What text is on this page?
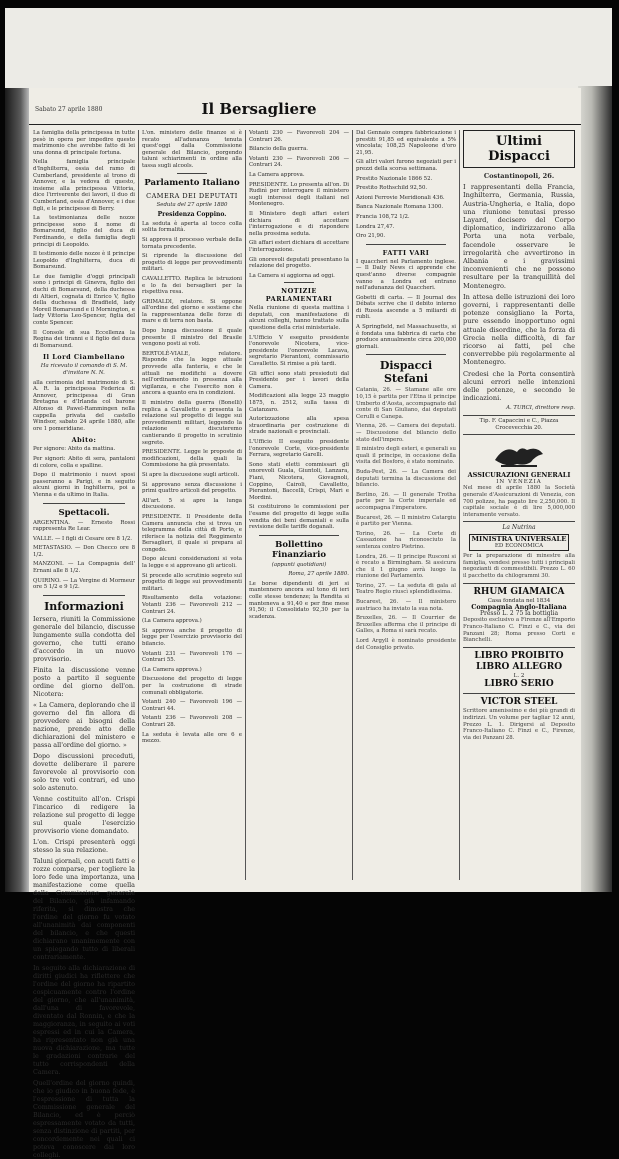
Sabato 27 aprile 1880	Il Bersagliere

La famiglia della principessa in tutte pesò in opera per impedire questo matrimonio che avrebbe fatto di lei una donna di principale fortuna.

Nella famiglia principale d'Inghilterra, ossia del ramo di Cumberland, presidente al trono di Annover, e la vedova di questo, insieme alla principessa Vittoria, dice l'irriverente dei lavori, il duo di Cumberland, ossia d'Annover, e i due figli, e le principesse di Berry.

La testimonianza delle nozze principesse sono il nome di Bomarsund, figlio del duca di Ferdinando, e della famiglia degli principi di Leopoldo.

Il testimonio delle nozze è il principe Leopoldo d'Inghilterra, duca di Bomarsund.

Le due famiglie d'oggi principali sono i principi di Ginevra, figlio dei duchi di Bomarsund, della duchessa di Altieri, cognata di Enrico V, figlio della duchessa di Bradfield, lady Moreil Bomarsund e il Mornington, e lady Vittoria Leo-Spencer, figlia del conte Spencer.

Il Console di sua Eccellenza la Regina dei tiranni e il figlio del duca di Bomarsund.

Il Lord Ciambellano

Ha ricevuto il comando di S. M. d'invitare N. N.

alla cerimonia del matrimonio di S. A. R. la principessa Federica di Annover, principessa di Gran Bretagna e d'Irlanda col barone Alfonso di Pawel-Rammingen nella cappella privata del castello Windsor, sabato 24 aprile 1880, alle ore 1 pomeridiane.

Abito:

Per signore: Abito da mattina.

Per signori: Abito di sera, pantaloni di colore, colla e spalline.

Dopo il matrimonio i nuovi sposi passeranno a Parigi, e in seguito alcuni giorni in Inghilterra, poi a Vienna e da ultimo in Italia.

Spettacoli.

ARGENTINA. — Ernesto Rossi rappresenta Re Lear.

VALLE. — I figli di Cesare ore 8 1/2.

METASTASIO. — Don Checco ore 8 1/2.

MANZONI. — La Compagnia dell' Ernani alle 8 1/2.

QUIRINO. — La Vergine di Mormeur ore 5 1/2 e 9 1/2.

Informazioni

Iersera, riuniti la Commissione generale del bilancio, discusse lungamente sulla condotta del governo, che tutti erano d'accordo in un nuovo provvisorio.

Finita la discussione venne posto a partito il seguente ordine del giorno dell'on. Nicotera:

« La Camera, deplorando che il governo del fin allora di provvedere ai bisogni della nazione, prende atto delle dichiarazioni del ministero e passa all'ordine del giorno. »

Dopo discussioni preceduti, dovette deliberare il parere favorevole al provvisorio con solo tre voti contrari, ed uno solo astenuto.

Venne costituito all'on. Crispi l'incarico di redigere la relazione sul progetto di legge sul quale l'esercizio provvisorio viene domandato.

L'on. Crispi presenterà oggi stesso la sua relazione.

Taluni giornali, con acuti fatti e rozze comparse, per togliere la loro fede una importanza, una manifestazione come quella della Commissione generale del Bilancio, già infamando riferita, si dimostra che l'ordine del giorno fu votato all'unanimità dai componenti del bilancio, e che questi dichiarano unanimemente con un spiegando tutto di liberali contrariamente.

In seguito alla dichiarazione di diritti giudici ha riflettere che l'ordine del giorno ha ripartito cospicuamente contro l'ordine del giorno, che all'unanimità, dall'una di favorevole, diventato dal Ronnin, e che la maggioranza, in seguito ai voti espressi ed in cui la Camera, ha ripresentato non già una nuova dichiarazione, ma tutte le gradazioni contrarie del tutto corrispondenti della Camera.

Quell'ordine del giorno quindi, che io giudico in buona fede, è l'espressione di tutta la Commissione generale del Bilancio, ed è perciò espressamente votato da tutti, senza distinzione di partiti, per concordemente nei quali ci poteva conoscere dai loro colleghi.

L'on. ministero delle finanze si è recato all'adunanza tenuta quest'oggi dalla Commissione generale del Bilancio, porgendo taluni schiarimenti in ordine alla tassa sugli alcools.

Parlamento Italiano
CAMERA DEI DEPUTATI

Seduta del 27 aprile 1880

Presidenza Coppino.

La seduta è aperta al tocco colla solita formalità.

Si approva il processo verbale della tornata precedente.

Si riprende la discussione del progetto di legge per provvedimenti militari.

CAVALLETTO. Replica le istruzioni e lo fa dei bersaglieri per la rispettiva resa.

GRIMALDI, relatore. Si oppone all'ordine del giorno e sostiene che la rappresentanza delle forze di mare e di terra non basta.

Dopo lunga discussione il quale presente il ministro del Brasile vengono posti ai voti.

BERTOLÈ-VIALE, relatore. Risponde che la legge attuale provvede alla fanteria, e che le attuali ne modifichi a dovere nell'ordinamento in presenza alla vigilanza, e che l'esercito non è ancora a quanto era in condizioni.

Il ministro della guerra (Bonelli) replica a Cavalletto e presenta la relazione sul progetto di legge sui provvedimenti militari, leggendo la relazione e discuteremo cantierando il progetto in scrutinio segreto.

PRESIDENTE. Legge le proposte di modificazioni, della quali la Commissione ha già presentato.

Si apre la discussione sugli articoli.

Si approvano senza discussione i primi quattro articoli del progetto.

All'art. 5 si apre la lunga discussione.

PRESIDENTE. Il Presidente della Camera annuncia che si trova un telegramma della città di Porto, e riferisce la notizia del Reggimento Bersaglieri, il quale si prepara al congedo.

Dopo alcuni considerazioni si vota la legge e si approvano gli articoli.

Si procede allo scrutinio segreto sul progetto di legge sui provvedimenti militari.

Risultamento della votazione: Votanti 236 — Favorevoli 212 — Contrari 24.

(La Camera approva.)

Si approva anche il progetto di legge per l'esercizio provvisorio del bilancio.

Votanti 231 — Favorevoli 176 — Contrari 55.

(La Camera approva.)

Discussione del progetto di legge per la costruzione di strade comunali obbligatorie.

Votanti 240 — Favorevoli 196 — Contrari 44.

Votanti 236 — Favorevoli 208 — Contrari 28.

La seduta è levata alle ore 6 e mezzo.

Votanti 230 — Favorevoli 204 — Contrari 26.

Bilancio della guerra.

Votanti 230 — Favorevoli 206 — Contrari 24.

La Camera approva.

PRESIDENTE. Lo presenta all'on. Di Rudinì per interrogare il ministero sugli interessi degli italiani nel Montenegro.

Il Ministero degli affari esteri dichiara di accettare l'interrogazione e di rispondere nella prossima seduta.

Gli affari esteri dichiara di accettare l'interrogazione.

Gli onorevoli deputati presentano la relazione del progetto.

La Camera si aggiorna ad oggi.

NOTIZIE PARLAMENTARI

Nella riunione di questa mattina i deputati, con manifestazione di alcuni colleghi, hanno trattato sulla questione della crisi ministeriale.

L'Ufficio V eseguito presidente l'onorevole Nicotera, vice-presidente l'onorevole Lacava, segretario Pierantoni, commissario Cavalletto. Si rimise a più tardi.

Gli uffici sono stati presieduti dal Presidente per i lavori della Camera.

Modificazioni alla legge 23 maggio 1875, n. 2512, sulla tassa di Catanzaro.

Autorizzazione alla spesa straordinaria per costruzione di strade nazionali e provinciali.

L'Ufficio II eseguito presidente l'onorevole Corte, vice-presidente Ferrara, segretario Garelli.

Sono stati eletti commissari gli onorevoli Guala, Giuntoli, Lanzara, Fiani, Nicotera, Giovagnoli, Coppino, Cairoli, Cavalletto, Pierantoni, Baccelli, Crispi, Mari e Mordini.

Si costituirono le commissioni per l'esame del progetto di legge sulla vendita dei beni demaniali e sulla revisione delle tariffe doganali.

Bollettino Finanziario

(appunti quotidiani)

Roma, 27 aprile 1880.

Le borse dipendenti di jeri si mantennero ancora sul tono di ieri colle stesse tendenze; la Rendita si manteneva a 91,40 e per fine mese 91,50; il Consolidato 92,30 per la scadenza.

Dal Gennaio compra fabbricazione i prestiti 91,85 ed equivalente a 5% vincolata; 108,25 Napoleone d'oro 21,95.

Gli altri valori furono negoziati per i prezzi della scorsa settimana.

Prestito Nazionale 1866 52.

Prestito Rothschild 92,50.

Azioni Ferrovie Meridionali 436.

Banca Nazionale Romana 1300.

Francia 108,72 1/2.

Londra 27,47.

Oro 21,90.

FATTI VARI

I quaccheri nel Parlamento inglese. — Il Daily News ci apprende che quest'anno diverse compagnie vanno a Londra ed entrano nell'adunanza del Quaccheri.

Gobetti di carta. — Il Journal des Débats scrive che il debito interno di Russia ascende a 5 miliardi di rubli.

A Springfield, nel Massachusetts, si è fondata una fabbrica di carta che produce annualmente circa 200,000 giornali.

Dispacci Stefani

Catania, 26. — Stamane alle ore 10,15 è partita per l'Etna il principe Umberto d'Aosta, accompagnato dal conte di San Giuliano, dai deputati Cerulli e Canepa.

Vienna, 26. — Camera dei deputati. — Discussione del bilancio dello stato dell'impero.

Il ministro degli esteri, e generali su quali il principe, in occasione della visita del Bosforo, è stato nominato.

Buda-Pest, 26. — La Camera dei deputati termina la discussione del bilancio.

Berlino, 26. — Il generale Trotha parte per la Corte imperiale ed accompagna l'imperatore.

Bucarest, 26. — Il ministro Catargiu è partito per Vienna.

Torino, 26. — La Corte di Cassazione ha riconosciuto la sentenza contro Pietrino.

Londra, 26. — Il principe Rusconi si è recato a Birmingham. Si assicura che il 1 giugno avrà luogo la riunione del Parlamento.

Torino, 27. — La seduta di gala al Teatro Regio riuscì splendidissima.

Bucarest, 26. — Il ministero austriaco ha inviato la sua nota.

Bruxelles, 26. — Il Courrier de Bruxelles afferma che il principe di Galles, a Roma si sarà recato.

Lord Argyll è nominato presidente del Consiglio privato.

Ultimi Dispacci

Costantinopoli, 26.

I rappresentanti della Francia, Inghilterra, Germania, Russia, Austria-Ungheria, e Italia, dopo una riunione tenutasi presso Layard, decisero del Corpo diplomatico, indirizzarono alla Porta una nota verbale, facendole osservare le irregolarità che avvertirono in Albania e i gravissimi inconvenienti che ne possono resultare per la tranquillità del Montenegro.

In attesa delle istruzioni dei loro governi, i rappresentanti delle potenze consigliano la Porta, pure essendo inopportuno ogni attuale disordine, che la forza di Grecia nella difficoltà, di far ricorso ai fatti, pel che converrebbe più regolarmente al Montenegro.

Credesi che la Porta consentirà alcuni errori nelle intenzioni delle potenze, e secondo le indicazioni.

A. TURCI, direttore resp.

Tip. F. Capaccini e C., Piazza Crocevecchia 20.

ASSICURAZIONI GENERALI
IN VENEZIA

Nel mese di aprile 1880 la Società generale d'Assicurazioni di Venezia, con 700 polizze, ha pagato lire 2,250,000. Il capitale sociale è di lire 5,000,000 interamente versato.

La Nutrina
MINISTRA UNIVERSALE
ED ECONOMICA

Per la preparazione di minestre alla famiglia, vendesi presso tutti i principali negozianti di commestibili. Prezzo L. 60 il pacchetto da chilogrammi 30.

RHUM GIAMAICA
Casa fondata nel 1834
Compagnia Anglo-Italiana
Presso L. 2 75 la bottiglia

Deposito esclusivo a Firenze all'Emporio Franco-Italiano C. Finzi e C., via dei Panzani 28; Roma presso Corti e Bianchelli.

LIBRO PROIBITO
LIBRO ALLEGRO
L. 2
LIBRO SERIO
VICTOR STEEL

Scrittore amenissimo e dei più grandi di indirizzi. Un volume per tagliar 12 anni, Prezzo L. 1. Dirigersi al Deposito Franco-Italiano C. Finzi e C., Firenze, via dei Panzani 28.
